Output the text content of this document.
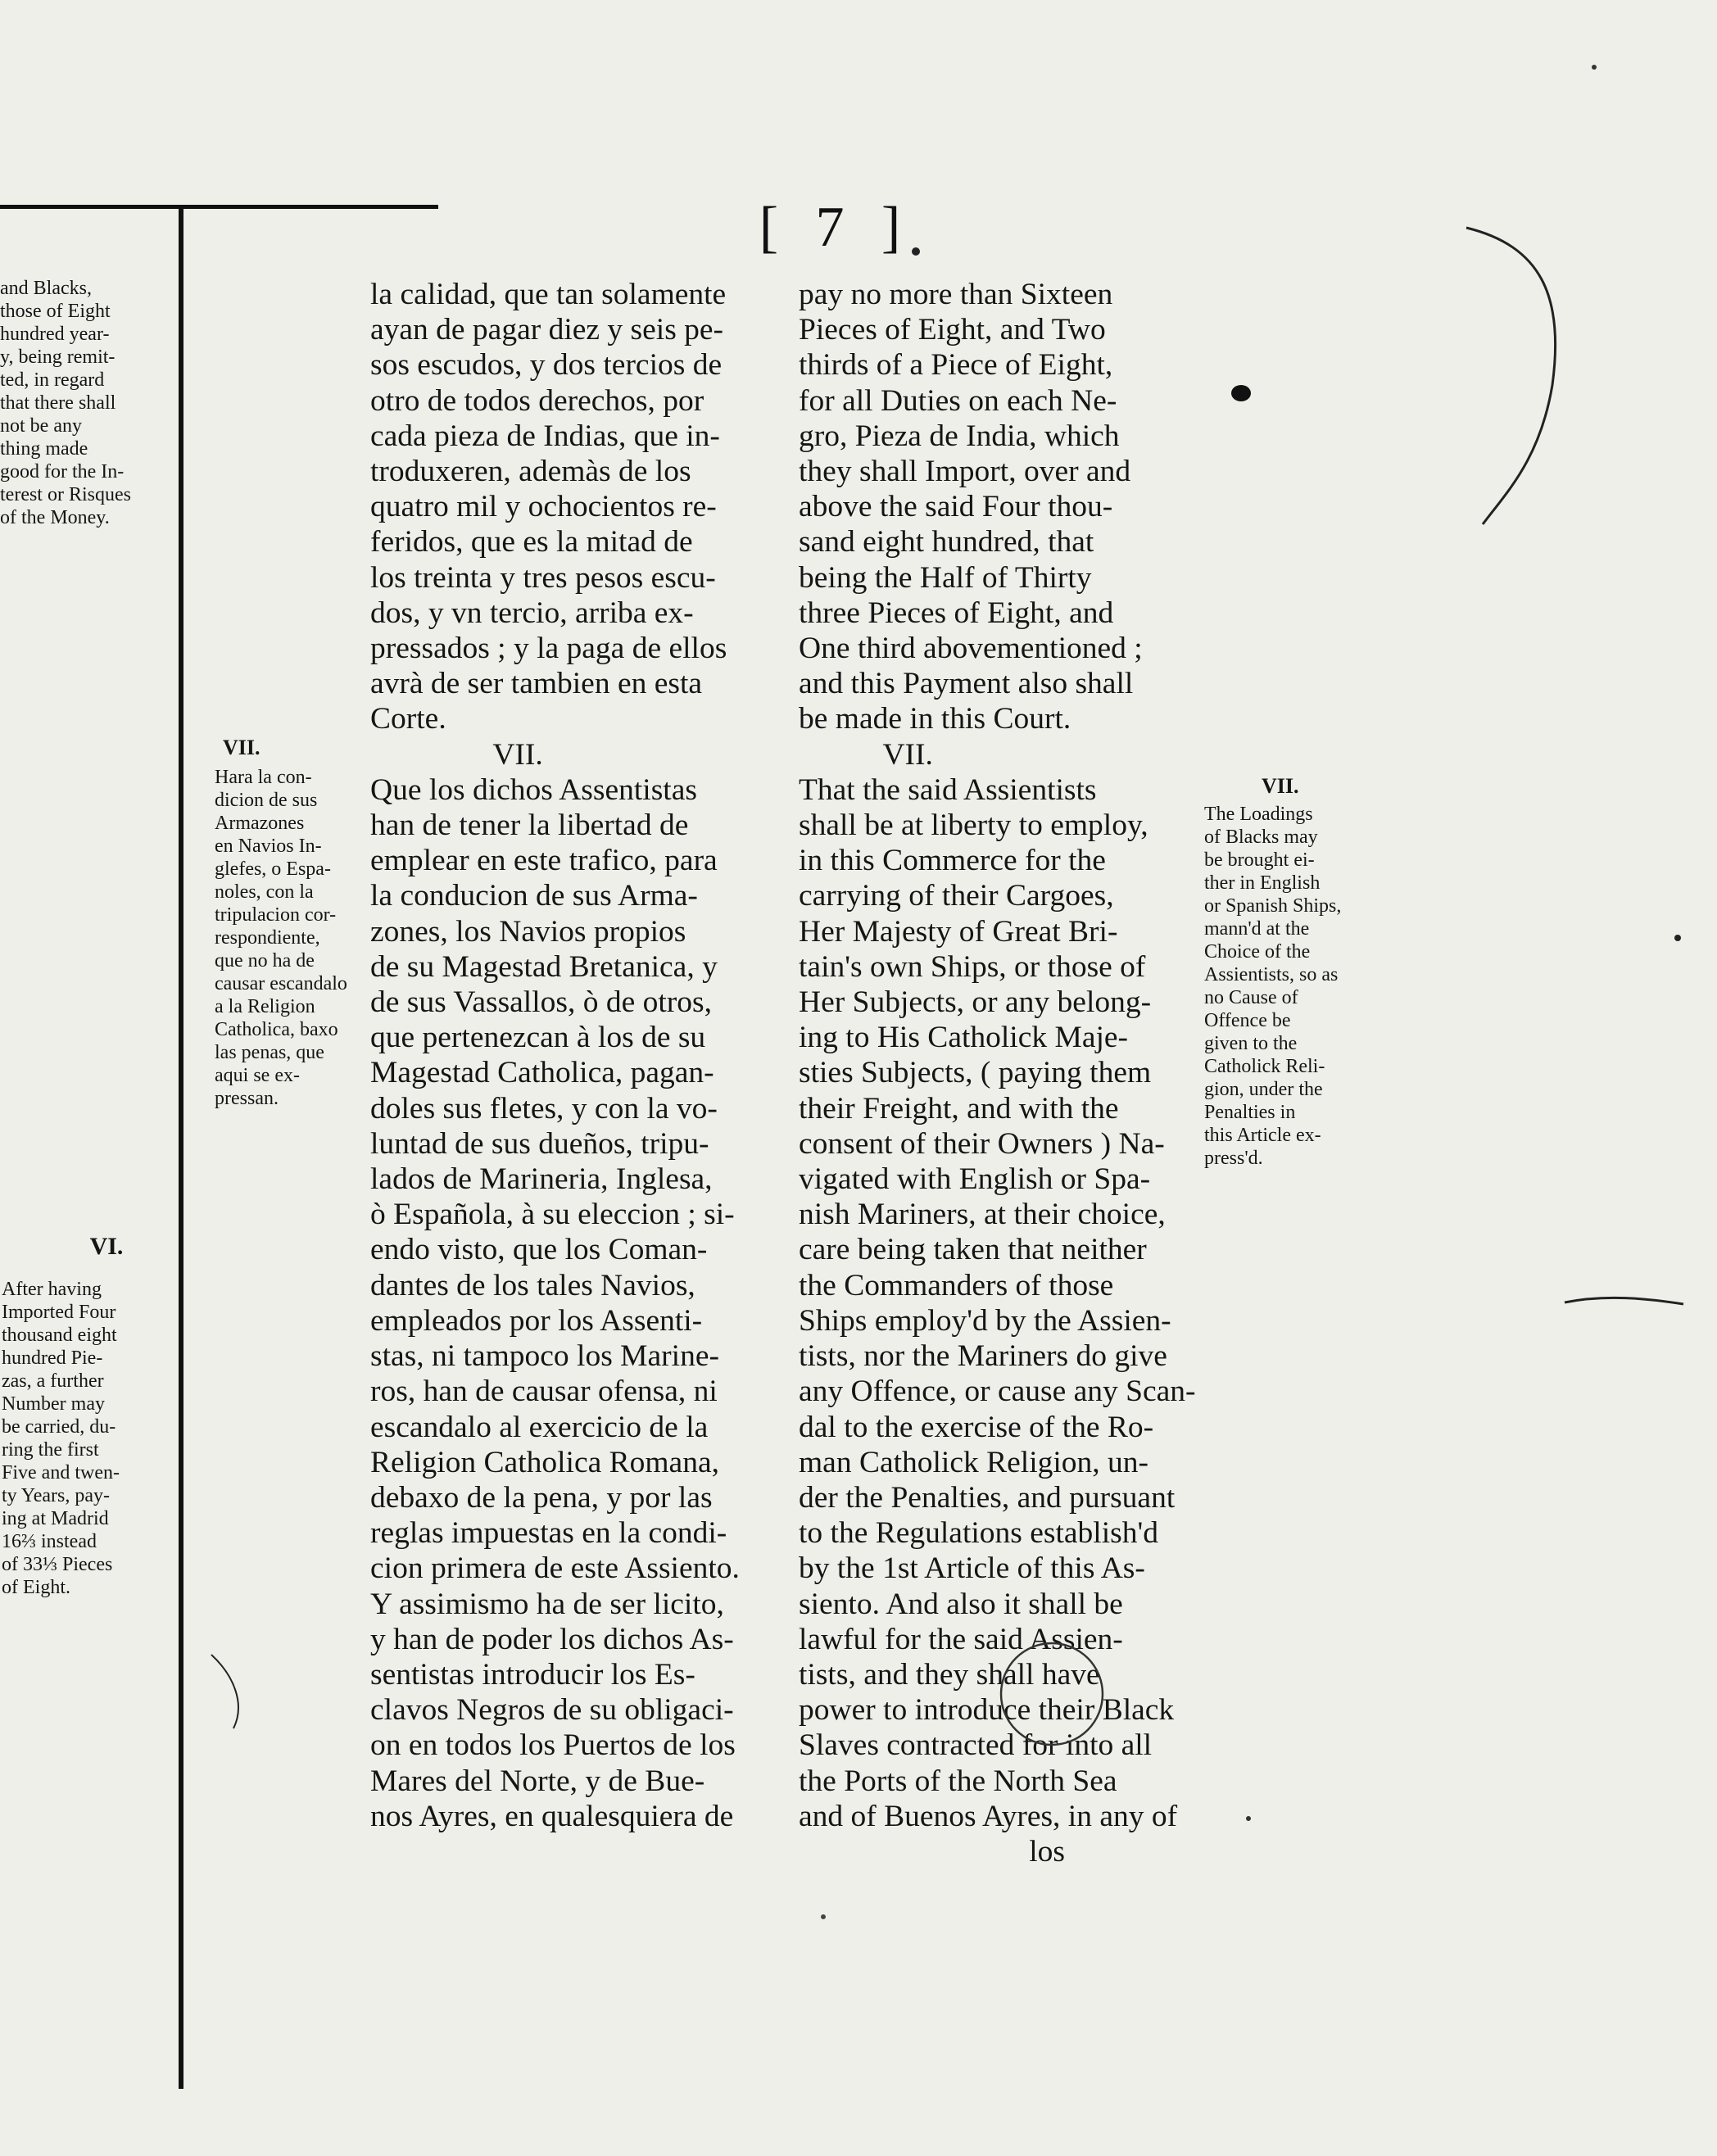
[ 7 ]
and Blacks,
those of Eight
hundred year-
y, being remit-
ted, in regard
that there shall
not be any
thing made
good for the In-
terest or Risques
of the Money.
VI.
After having
Imported Four
thousand eight
hundred Pie-
zas, a further
Number may
be carried, du-
ring the first
Five and twen-
ty Years, pay-
ing at Madrid
16⅔ instead
of 33⅓ Pieces
of Eight.
VII.
Hara la con-
dicion de sus
Armazones
en Navios In-
glefes, o Espa-
noles, con la
tripulacion cor-
respondiente,
que no ha de
causar escandalo
a la Religion
Catholica, baxo
las penas, que
aqui se ex-
pressan.
la calidad, que tan solamente
ayan de pagar diez y seis pe-
sos escudos, y dos tercios de
otro de todos derechos, por
cada pieza de Indias, que in-
troduxeren, ademàs de los
quatro mil y ochocientos re-
feridos, que es la mitad de
los treinta y tres pesos escu-
dos, y vn tercio, arriba ex-
pressados ; y la paga de ellos
avrà de ser tambien en esta
Corte.
VII.
Que los dichos Assentistas
han de tener la libertad de
emplear en este trafico, para
la conducion de sus Arma-
zones, los Navios propios
de su Magestad Bretanica, y
de sus Vassallos, ò de otros,
que pertenezcan à los de su
Magestad Catholica, pagan-
doles sus fletes, y con la vo-
luntad de sus dueños, tripu-
lados de Marineria, Inglesa,
ò Española, à su eleccion ; si-
endo visto, que los Coman-
dantes de los tales Navios,
empleados por los Assenti-
stas, ni tampoco los Marine-
ros, han de causar ofensa, ni
escandalo al exercicio de la
Religion Catholica Romana,
debaxo de la pena, y por las
reglas impuestas en la condi-
cion primera de este Assiento.
Y assimismo ha de ser licito,
y han de poder los dichos As-
sentistas introducir los Es-
clavos Negros de su obligaci-
on en todos los Puertos de los
Mares del Norte, y de Bue-
nos Ayres, en qualesquiera de
pay no more than Sixteen
Pieces of Eight, and Two
thirds of a Piece of Eight,
for all Duties on each Ne-
gro, Pieza de India, which
they shall Import, over and
above the said Four thou-
sand eight hundred, that
being the Half of Thirty
three Pieces of Eight, and
One third abovementioned ;
and this Payment also shall
be made in this Court.
VII.
That the said Assientists
shall be at liberty to employ,
in this Commerce for the
carrying of their Cargoes,
Her Majesty of Great Bri-
tain's own Ships, or those of
Her Subjects, or any belong-
ing to His Catholick Maje-
sties Subjects, ( paying them
their Freight, and with the
consent of their Owners ) Na-
vigated with English or Spa-
nish Mariners, at their choice,
care being taken that neither
the Commanders of those
Ships employ'd by the Assien-
tists, nor the Mariners do give
any Offence, or cause any Scan-
dal to the exercise of the Ro-
man Catholick Religion, un-
der the Penalties, and pursuant
to the Regulations establish'd
by the 1st Article of this As-
siento. And also it shall be
lawful for the said Assien-
tists, and they shall have
power to introduce their Black
Slaves contracted for into all
the Ports of the North Sea
and of Buenos Ayres, in any of
los
VII.
The Loadings
of Blacks may
be brought ei-
ther in English
or Spanish Ships,
mann'd at the
Choice of the
Assientists, so as
no Cause of
Offence be
given to the
Catholick Reli-
gion, under the
Penalties in
this Article ex-
press'd.
